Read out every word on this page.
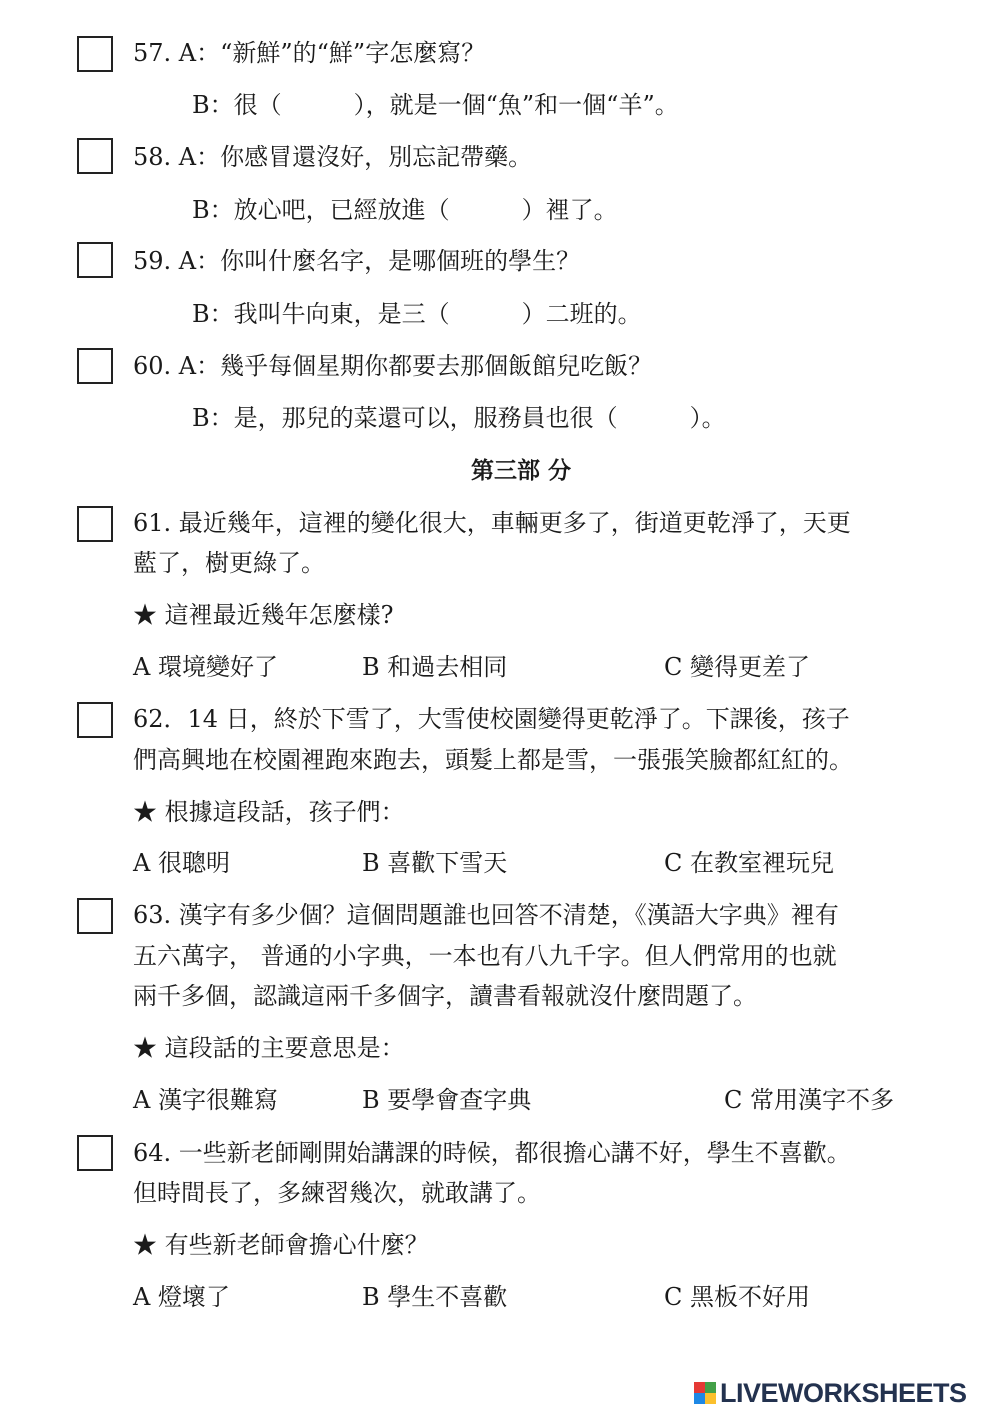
57. A：“新鮮”的“鮮”字怎麼寫？
B：很（　　　），就是一個“魚”和一個“羊”。
58. A：你感冒還沒好，別忘記帶藥。
B：放心吧，已經放進（　　　）裡了。
59. A：你叫什麼名字，是哪個班的學生？
B：我叫牛向東，是三（　　　）二班的。
60. A：幾乎每個星期你都要去那個飯館兒吃飯？
B：是，那兒的菜還可以，服務員也很（　　　）。
第三部 分
61. 最近幾年，這裡的變化很大，車輛更多了，街道更乾淨了，天更
藍了，樹更綠了。
★ 這裡最近幾年怎麼樣?
A 環境變好了	B 和過去相同	C 變得更差了
62．14 日，終於下雪了，大雪使校園變得更乾淨了。下課後，孩子
們高興地在校園裡跑來跑去，頭髮上都是雪，一張張笑臉都紅紅的。
★ 根據這段話，孩子們：
A 很聰明	B 喜歡下雪天	C 在教室裡玩兒
63. 漢字有多少個？這個問題誰也回答不清楚，《漢語大字典》裡有
五六萬字， 普通的小字典，一本也有八九千字。但人們常用的也就
兩千多個，認識這兩千多個字，讀書看報就沒什麼問題了。
★ 這段話的主要意思是：
A 漢字很難寫	B 要學會查字典	C 常用漢字不多
64. 一些新老師剛開始講課的時候，都很擔心講不好，學生不喜歡。
但時間長了，多練習幾次，就敢講了。
★ 有些新老師會擔心什麼？
A 燈壞了	B 學生不喜歡	C 黑板不好用
LIVEWORKSHEETS
